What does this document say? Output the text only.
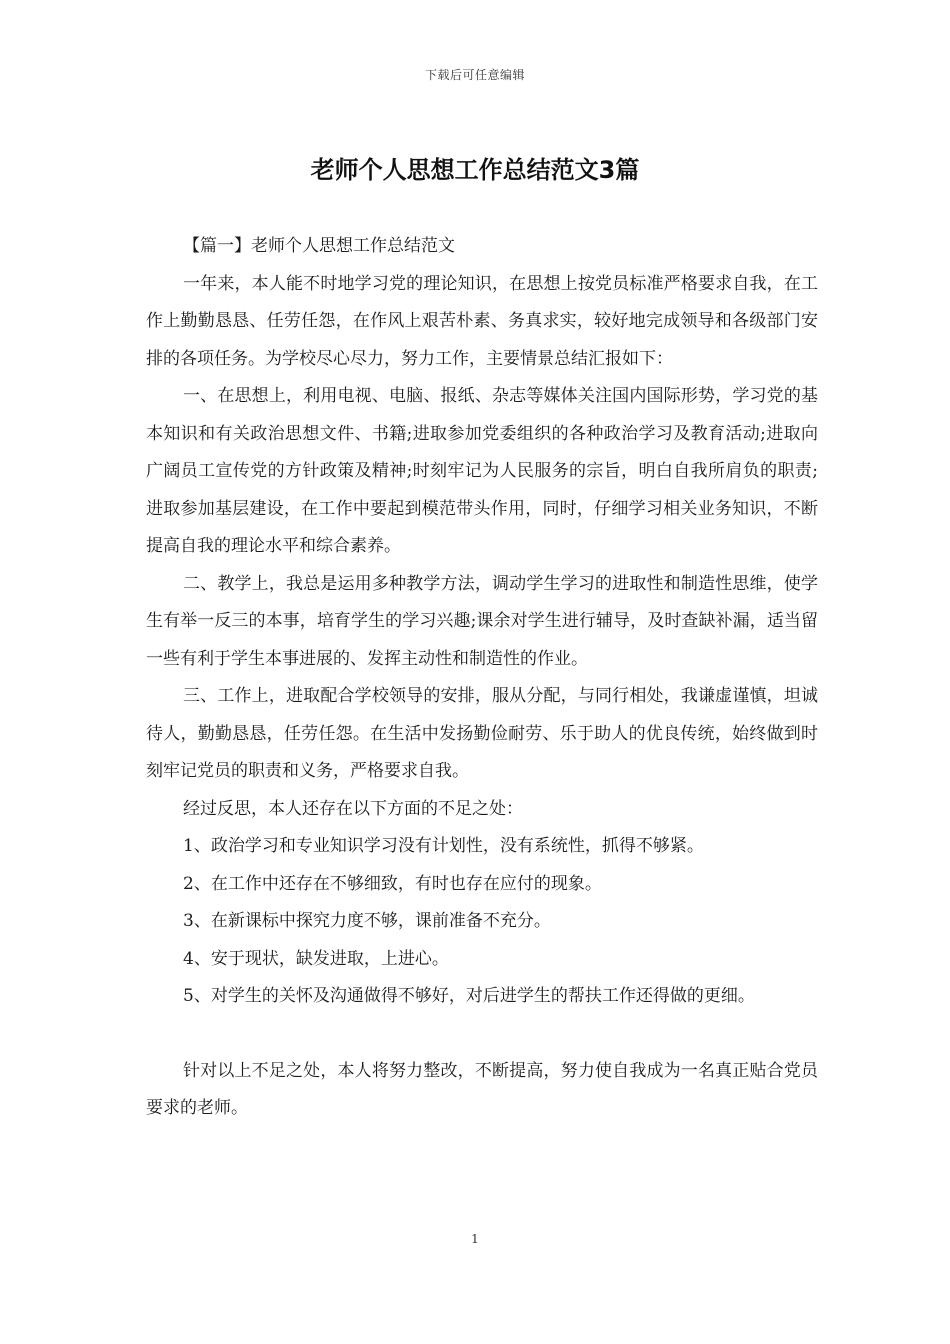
下载后可任意编辑
老师个人思想工作总结范文3篇

【篇一】老师个人思想工作总结范文

一年来，本人能不时地学习党的理论知识，在思想上按党员标准严格要求自我，在工作上勤勤恳恳、任劳任怨，在作风上艰苦朴素、务真求实，较好地完成领导和各级部门安排的各项任务。为学校尽心尽力，努力工作，主要情景总结汇报如下：

一、在思想上，利用电视、电脑、报纸、杂志等媒体关注国内国际形势，学习党的基本知识和有关政治思想文件、书籍;进取参加党委组织的各种政治学习及教育活动;进取向广阔员工宣传党的方针政策及精神;时刻牢记为人民服务的宗旨，明白自我所肩负的职责;进取参加基层建设，在工作中要起到模范带头作用，同时，仔细学习相关业务知识，不断提高自我的理论水平和综合素养。

二、教学上，我总是运用多种教学方法，调动学生学习的进取性和制造性思维，使学生有举一反三的本事，培育学生的学习兴趣;课余对学生进行辅导，及时查缺补漏，适当留一些有利于学生本事进展的、发挥主动性和制造性的作业。

三、工作上，进取配合学校领导的安排，服从分配，与同行相处，我谦虚谨慎，坦诚待人，勤勤恳恳，任劳任怨。在生活中发扬勤俭耐劳、乐于助人的优良传统，始终做到时刻牢记党员的职责和义务，严格要求自我。

经过反思，本人还存在以下方面的不足之处：

1、政治学习和专业知识学习没有计划性，没有系统性，抓得不够紧。

2、在工作中还存在不够细致，有时也存在应付的现象。

3、在新课标中探究力度不够，课前准备不充分。

4、安于现状，缺发进取，上进心。

5、对学生的关怀及沟通做得不够好，对后进学生的帮扶工作还得做的更细。

针对以上不足之处，本人将努力整改，不断提高，努力使自我成为一名真正贴合党员要求的老师。

1
